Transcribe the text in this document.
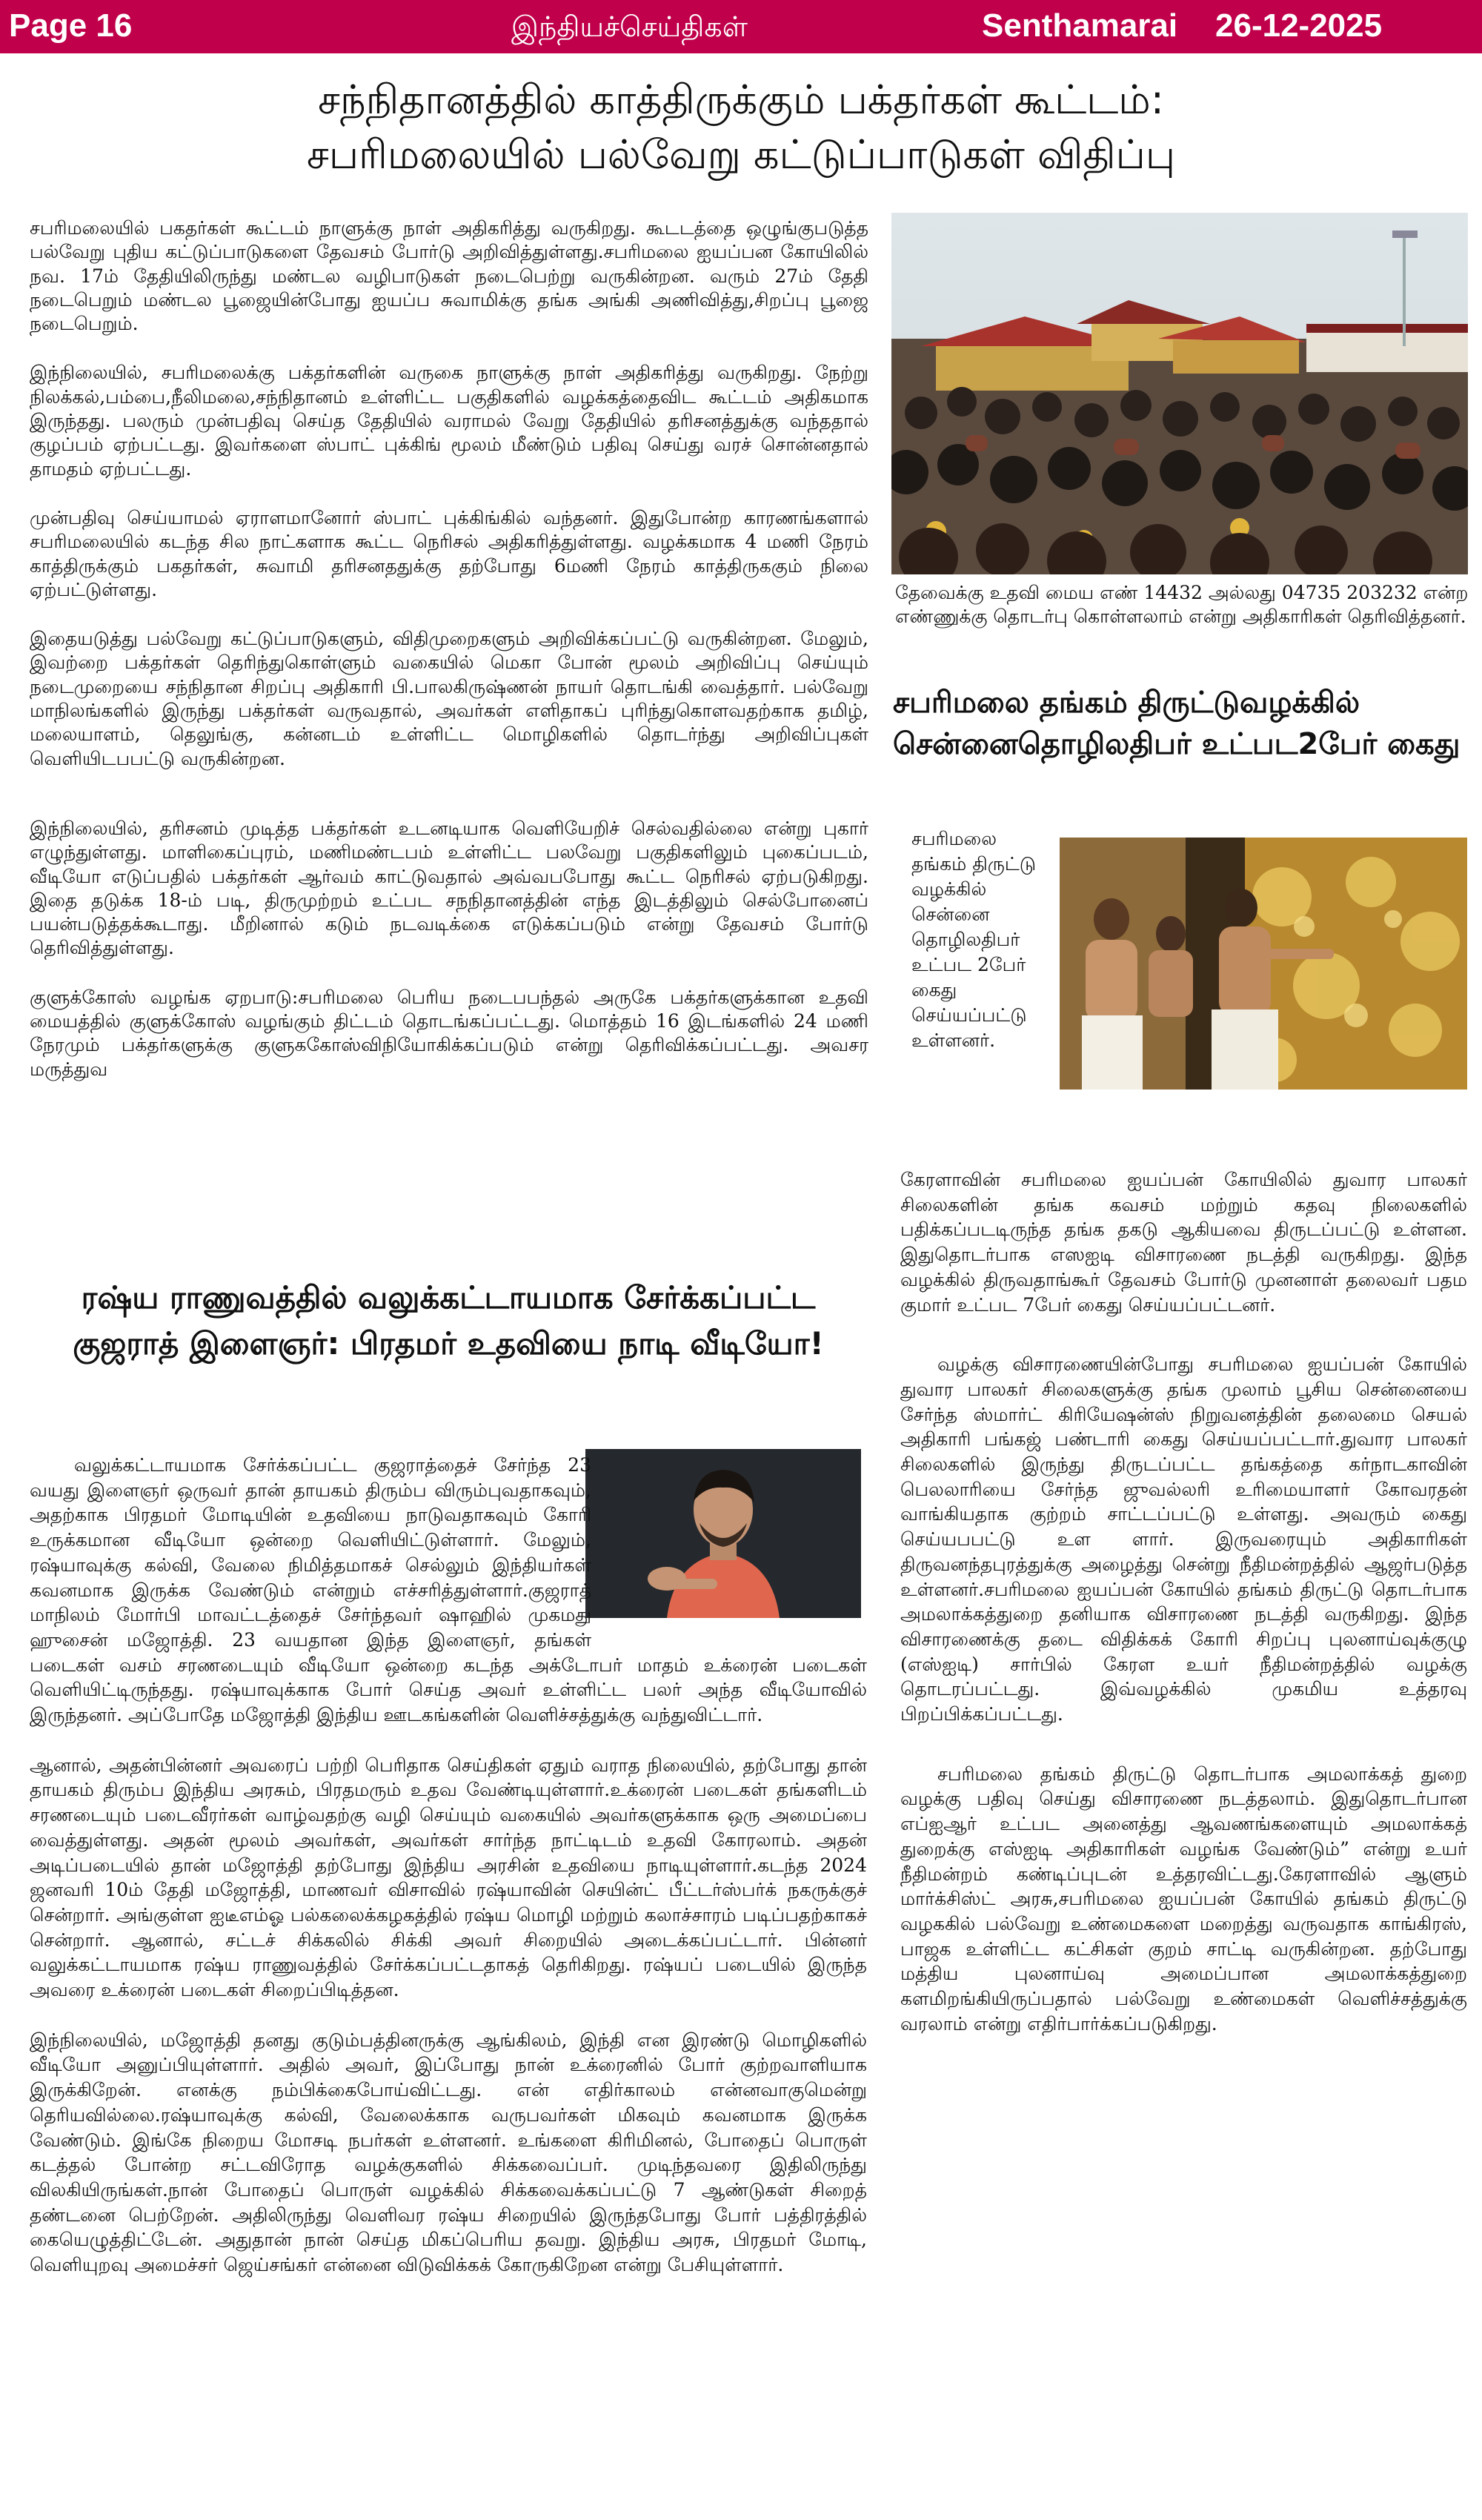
Page 16	இந்தியச்செய்திகள்	Senthamarai 26-12-2025
சந்நிதானத்தில் காத்திருக்கும் பக்தர்கள் கூட்டம்:
சபரிமலையில் பல்வேறு கட்டுப்பாடுகள் விதிப்பு

சபரிமலையில் பகதர்கள் கூட்டம் நாளுக்கு நாள் அதிகரித்து வருகிறது. கூடடத்தை ஒழுங்குபடுத்த பல்வேறு புதிய கட்டுப்பாடுகளை தேவசம் போர்டு அறிவித்துள்ளது.சபரிமலை ஐயப்பன கோயிலில் நவ. 17ம் தேதியிலிருந்து மண்டல வழிபாடுகள் நடைபெற்று வருகின்றன. வரும் 27ம் தேதி நடைபெறும் மண்டல பூஜையின்போது ஐயப்ப சுவாமிக்கு தங்க அங்கி அணிவித்து,சிறப்பு பூஜை நடைபெறும்.

இந்நிலையில், சபரிமலைக்கு பக்தர்களின் வருகை நாளுக்கு நாள் அதிகரித்து வருகிறது. நேற்று நிலக்கல்,பம்பை,நீலிமலை,சந்நிதானம் உள்ளிட்ட பகுதிகளில் வழக்கத்தைவிட கூட்டம் அதிகமாக இருந்தது. பலரும் முன்பதிவு செய்த தேதியில் வராமல் வேறு தேதியில் தரிசனத்துக்கு வந்ததால் குழப்பம் ஏற்பட்டது. இவர்களை ஸ்பாட் புக்கிங் மூலம் மீண்டும் பதிவு செய்து வரச் சொன்னதால் தாமதம் ஏற்பட்டது.

முன்பதிவு செய்யாமல் ஏராளமானோர் ஸ்பாட் புக்கிங்கில் வந்தனர். இதுபோன்ற காரணங்களால் சபரிமலையில் கடந்த சில நாட்களாக கூட்ட நெரிசல் அதிகரித்துள்ளது. வழக்கமாக 4 மணி நேரம் காத்திருக்கும் பகதர்கள், சுவாமி தரிசனததுக்கு தற்போது 6மணி நேரம் காத்திருககும் நிலை ஏற்பட்டுள்ளது.

இதையடுத்து பல்வேறு கட்டுப்பாடுகளும், விதிமுறைகளும் அறிவிக்கப்பட்டு வருகின்றன. மேலும், இவற்றை பக்தர்கள் தெரிந்துகொள்ளும் வகையில் மெகா போன் மூலம் அறிவிப்பு செய்யும் நடைமுறையை சந்நிதான சிறப்பு அதிகாரி பி.பாலகிருஷ்ணன் நாயர் தொடங்கி வைத்தார். பல்வேறு மாநிலங்களில் இருந்து பக்தர்கள் வருவதால், அவர்கள் எளிதாகப் புரிந்துகொளவதற்காக தமிழ், மலையாளம், தெலுங்கு, கன்னடம் உள்ளிட்ட மொழிகளில் தொடர்ந்து அறிவிப்புகள் வெளியிடபபட்டு வருகின்றன.

இந்நிலையில், தரிசனம் முடித்த பக்தர்கள் உடனடியாக வெளியேறிச் செல்வதில்லை என்று புகார் எழுந்துள்ளது. மாளிகைப்புரம், மணிமண்டபம் உள்ளிட்ட பலவேறு பகுதிகளிலும் புகைப்படம், வீடியோ எடுப்பதில் பக்தர்கள் ஆர்வம் காட்டுவதால் அவ்வபபோது கூட்ட நெரிசல் ஏற்படுகிறது. இதை தடுக்க 18-ம் படி, திருமுற்றம் உட்பட சநநிதானத்தின் எந்த இடத்திலும் செல்போனைப் பயன்படுத்தக்கூடாது. மீறினால் கடும் நடவடிக்கை எடுக்கப்படும் என்று தேவசம் போர்டு தெரிவித்துள்ளது.

குளுக்கோஸ் வழங்க ஏறபாடு:சபரிமலை பெரிய நடைபபந்தல் அருகே பக்தர்களுக்கான உதவி மையத்தில் குளுக்கோஸ் வழங்கும் திட்டம் தொடங்கப்பட்டது. மொத்தம் 16 இடங்களில் 24 மணி நேரமும் பக்தர்களுக்கு குளுககோஸ்விநியோகிக்கப்படும் என்று தெரிவிக்கப்பட்டது. அவசர மருத்துவ

தேவைக்கு உதவி மைய எண் 14432 அல்லது 04735 203232 என்ற எண்ணுக்கு தொடர்பு கொள்ளலாம் என்று அதிகாரிகள் தெரிவித்தனர்.

சபரிமலை தங்கம் திருட்டுவழக்கில்
சென்னைதொழிலதிபர் உட்பட2பேர் கைது

சபரிமலை தங்கம் திருட்டு வழக்கில் சென்னை தொழிலதிபர் உட்பட 2பேர் கைது செய்யப்பட்டு உள்ளனர்.

கேரளாவின் சபரிமலை ஐயப்பன் கோயிலில் துவார பாலகர் சிலைகளின் தங்க கவசம் மற்றும் கதவு நிலைகளில் பதிக்கப்படடிருந்த தங்க தகடு ஆகியவை திருடப்பட்டு உள்ளன. இதுதொடர்பாக எஸஐடி விசாரணை நடத்தி வருகிறது. இந்த வழக்கில் திருவதாங்கூர் தேவசம் போர்டு முனனாள் தலைவர் பதம குமார் உட்பட 7பேர் கைது செய்யப்பட்டனர்.

வழக்கு விசாரணையின்போது சபரிமலை ஐயப்பன் கோயில் துவார பாலகர் சிலைகளுக்கு தங்க முலாம் பூசிய சென்னையை சேர்ந்த ஸ்மார்ட் கிரியேஷன்ஸ் நிறுவனத்தின் தலைமை செயல் அதிகாரி பங்கஜ் பண்டாரி கைது செய்யப்பட்டார்.துவார பாலகர் சிலைகளில் இருந்து திருடப்பட்ட தங்கத்தை கர்நாடகாவின் பெலலாரியை சேர்ந்த ஜுவல்லரி உரிமையாளர் கோவரதன் வாங்கியதாக குற்றம் சாட்டப்பட்டு உள்ளது. அவரும் கைது செய்யபபட்டு உள ளார். இருவரையும் அதிகாரிகள் திருவனந்தபுரத்துக்கு அழைத்து சென்று நீதிமன்றத்தில் ஆஜர்படுத்த உள்ளனர்.சபரிமலை ஐயப்பன் கோயில் தங்கம் திருட்டு தொடர்பாக அமலாக்கத்துறை தனியாக விசாரணை நடத்தி வருகிறது. இந்த விசாரணைக்கு தடை விதிக்கக் கோரி சிறப்பு புலனாய்வுக்குழு (எஸ்ஐடி) சார்பில் கேரள உயர் நீதிமன்றத்தில் வழக்கு தொடரப்பட்டது. இவ்வழக்கில் முகமிய உத்தரவு பிறப்பிக்கப்பட்டது.

சபரிமலை தங்கம் திருட்டு தொடர்பாக அமலாக்கத் துறை வழக்கு பதிவு செய்து விசாரணை நடத்தலாம். இதுதொடர்பான எப்ஐஆர் உட்பட அனைத்து ஆவணங்களையும் அமலாக்கத் துறைக்கு எஸ்ஐடி அதிகாரிகள் வழங்க வேண்டும்” என்று உயர் நீதிமன்றம் கண்டிப்புடன் உத்தரவிட்டது.கேரளாவில் ஆளும் மார்க்சிஸ்ட் அரசு,சபரிமலை ஐயப்பன் கோயில் தங்கம் திருட்டு வழககில் பல்வேறு உண்மைகளை மறைத்து வருவதாக காங்கிரஸ், பாஜக உள்ளிட்ட கட்சிகள் குறம் சாட்டி வருகின்றன. தற்போது மத்திய புலனாய்வு அமைப்பான அமலாக்கத்துறை களமிறங்கியிருப்பதால் பல்வேறு உண்மைகள் வெளிச்சத்துக்கு வரலாம் என்று எதிர்பார்க்கப்படுகிறது.

ரஷ்ய ராணுவத்தில் வலுக்கட்டாயமாக சேர்க்கப்பட்ட
குஜராத் இளைஞர்: பிரதமர் உதவியை நாடி வீடியோ!

வலுக்கட்டாயமாக சேர்க்கப்பட்ட குஜராத்தைச் சேர்ந்த 23 வயது இளைஞர் ஒருவர் தான் தாயகம் திரும்ப விரும்புவதாகவும், அதற்காக பிரதமர் மோடியின் உதவியை நாடுவதாகவும் கோரி உருக்கமான வீடியோ ஒன்றை வெளியிட்டுள்ளார். மேலும், ரஷ்யாவுக்கு கல்வி, வேலை நிமித்தமாகச் செல்லும் இந்தியர்கள் கவனமாக இருக்க வேண்டும் என்றும் எச்சரித்துள்ளார்.குஜராத் மாநிலம் மோர்பி மாவட்டத்தைச் சேர்ந்தவர் ஷாஹில் முகமது ஹுசைன் மஜோத்தி. 23 வயதான இந்த இளைஞர், தங்கள் படைகள் வசம் சரணடையும் வீடியோ ஒன்றை கடந்த அக்டோபர் மாதம் உக்ரைன் படைகள் வெளியிட்டிருந்தது. ரஷ்யாவுக்காக போர் செய்த அவர் உள்ளிட்ட பலர் அந்த வீடியோவில் இருந்தனர். அப்போதே மஜோத்தி இந்திய ஊடகங்களின் வெளிச்சத்துக்கு வந்துவிட்டார்.

ஆனால், அதன்பின்னர் அவரைப் பற்றி பெரிதாக செய்திகள் ஏதும் வராத நிலையில், தற்போது தான் தாயகம் திரும்ப இந்திய அரசும், பிரதமரும் உதவ வேண்டியுள்ளார்.உக்ரைன் படைகள் தங்களிடம் சரணடையும் படைவீரர்கள் வாழ்வதற்கு வழி செய்யும் வகையில் அவர்களுக்காக ஒரு அமைப்பை வைத்துள்ளது. அதன் மூலம் அவர்கள், அவர்கள் சார்ந்த நாட்டிடம் உதவி கோரலாம். அதன் அடிப்படையில் தான் மஜோத்தி தற்போது இந்திய அரசின் உதவியை நாடியுள்ளார்.கடந்த 2024 ஜனவரி 10ம் தேதி மஜோத்தி, மாணவர் விசாவில் ரஷ்யாவின் செயின்ட் பீட்டர்ஸ்பர்க் நகருக்குச் சென்றார். அங்குள்ள ஐடீஎம்ஓ பல்கலைக்கழகத்தில் ரஷ்ய மொழி மற்றும் கலாச்சாரம் படிப்பதற்காகச் சென்றார். ஆனால், சட்டச் சிக்கலில் சிக்கி அவர் சிறையில் அடைக்கப்பட்டார். பின்னர் வலுக்கட்டாயமாக ரஷ்ய ராணுவத்தில் சேர்க்கப்பட்டதாகத் தெரிகிறது. ரஷ்யப் படையில் இருந்த அவரை உக்ரைன் படைகள் சிறைப்பிடித்தன.

இந்நிலையில், மஜோத்தி தனது குடும்பத்தினருக்கு ஆங்கிலம், இந்தி என இரண்டு மொழிகளில் வீடியோ அனுப்பியுள்ளார். அதில் அவர், இப்போது நான் உக்ரைனில் போர் குற்றவாளியாக இருக்கிறேன். எனக்கு நம்பிக்கைபோய்விட்டது. என் எதிர்காலம் என்னவாகுமென்று தெரியவில்லை.ரஷ்யாவுக்கு கல்வி, வேலைக்காக வருபவர்கள் மிகவும் கவனமாக இருக்க வேண்டும். இங்கே நிறைய மோசடி நபர்கள் உள்ளனர். உங்களை கிரிமினல், போதைப் பொருள் கடத்தல் போன்ற சட்டவிரோத வழக்குகளில் சிக்கவைப்பர். முடிந்தவரை இதிலிருந்து விலகியிருங்கள்.நான் போதைப் பொருள் வழக்கில் சிக்கவைக்கப்பட்டு 7 ஆண்டுகள் சிறைத் தண்டனை பெற்றேன். அதிலிருந்து வெளிவர ரஷ்ய சிறையில் இருந்தபோது போர் பத்திரத்தில் கையெழுத்திட்டேன். அதுதான் நான் செய்த மிகப்பெரிய தவறு. இந்திய அரசு, பிரதமர் மோடி, வெளியுறவு அமைச்சர் ஜெய்சங்கர் என்னை விடுவிக்கக் கோருகிறேன என்று பேசியுள்ளார்.
